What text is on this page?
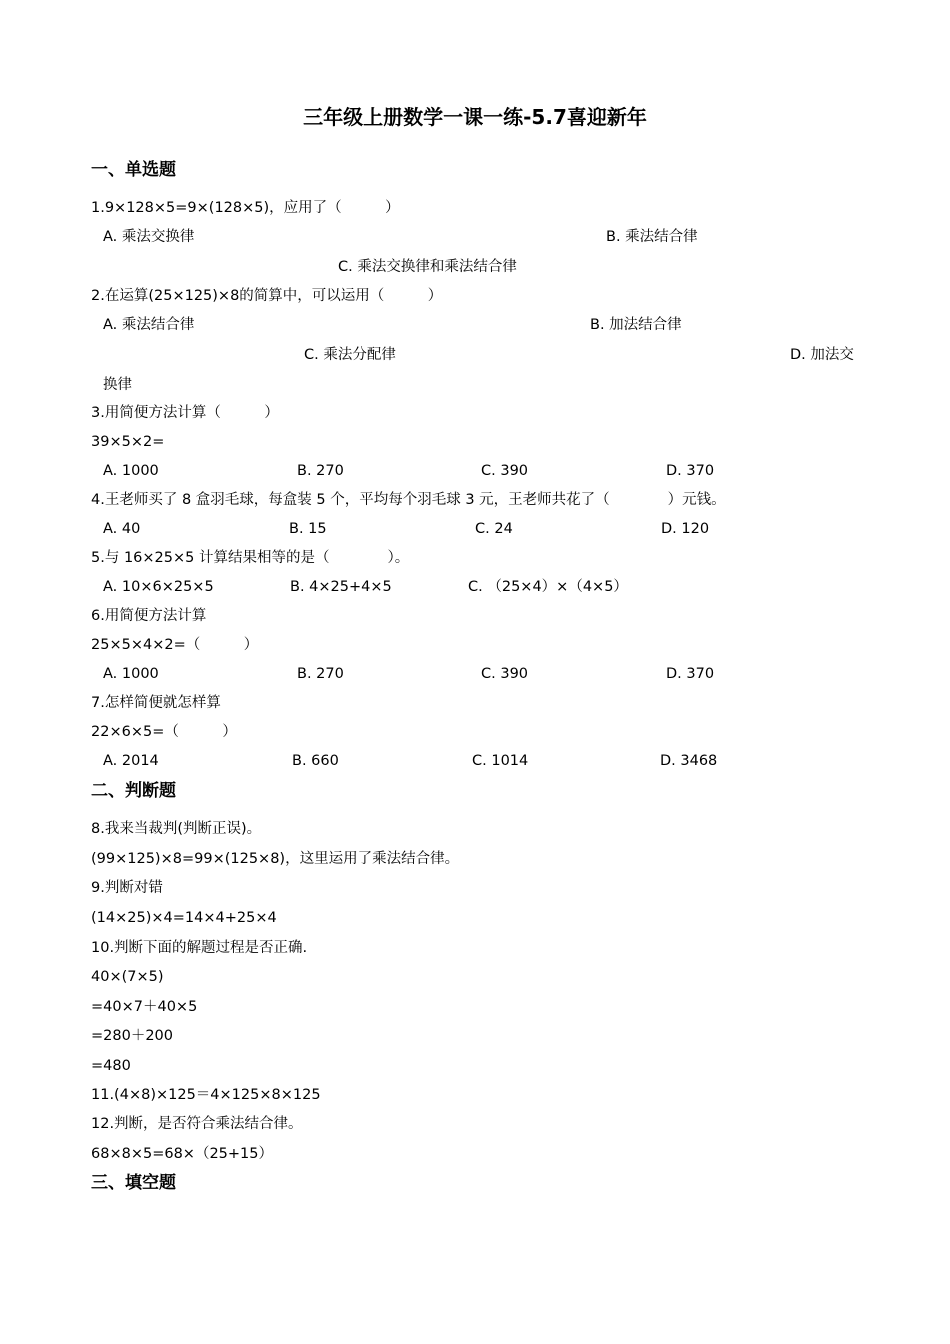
三年级上册数学一课一练-5.7喜迎新年
一、单选题
1.9×128×5=9×(128×5)，应用了（　　　）
A. 乘法交换律	B. 乘法结合律
C. 乘法交换律和乘法结合律
2.在运算(25×125)×8的简算中，可以运用（　　　）
A. 乘法结合律	B. 加法结合律
C. 乘法分配律	D. 加法交
换律
3.用简便方法计算（　　　）
39×5×2=
A. 1000	B. 270	C. 390	D. 370
4.王老师买了 8 盒羽毛球，每盒装 5 个，平均每个羽毛球 3 元，王老师共花了（　　　　）元钱。
A. 40	B. 15	C. 24	D. 120
5.与 16×25×5 计算结果相等的是（　　　　）。
A. 10×6×25×5	B. 4×25+4×5	C. （25×4）×（4×5）
6.用简便方法计算
25×5×4×2=（　　　）
A. 1000	B. 270	C. 390	D. 370
7.怎样简便就怎样算
22×6×5=（　　　）
A. 2014	B. 660	C. 1014	D. 3468
二、判断题
8.我来当裁判(判断正误)。
(99×125)×8=99×(125×8)，这里运用了乘法结合律。
9.判断对错
(14×25)×4=14×4+25×4
10.判断下面的解题过程是否正确.
40×(7×5)
=40×7＋40×5
=280＋200
=480
11.(4×8)×125＝4×125×8×125
12.判断，是否符合乘法结合律。
68×8×5=68×（25+15）
三、填空题
